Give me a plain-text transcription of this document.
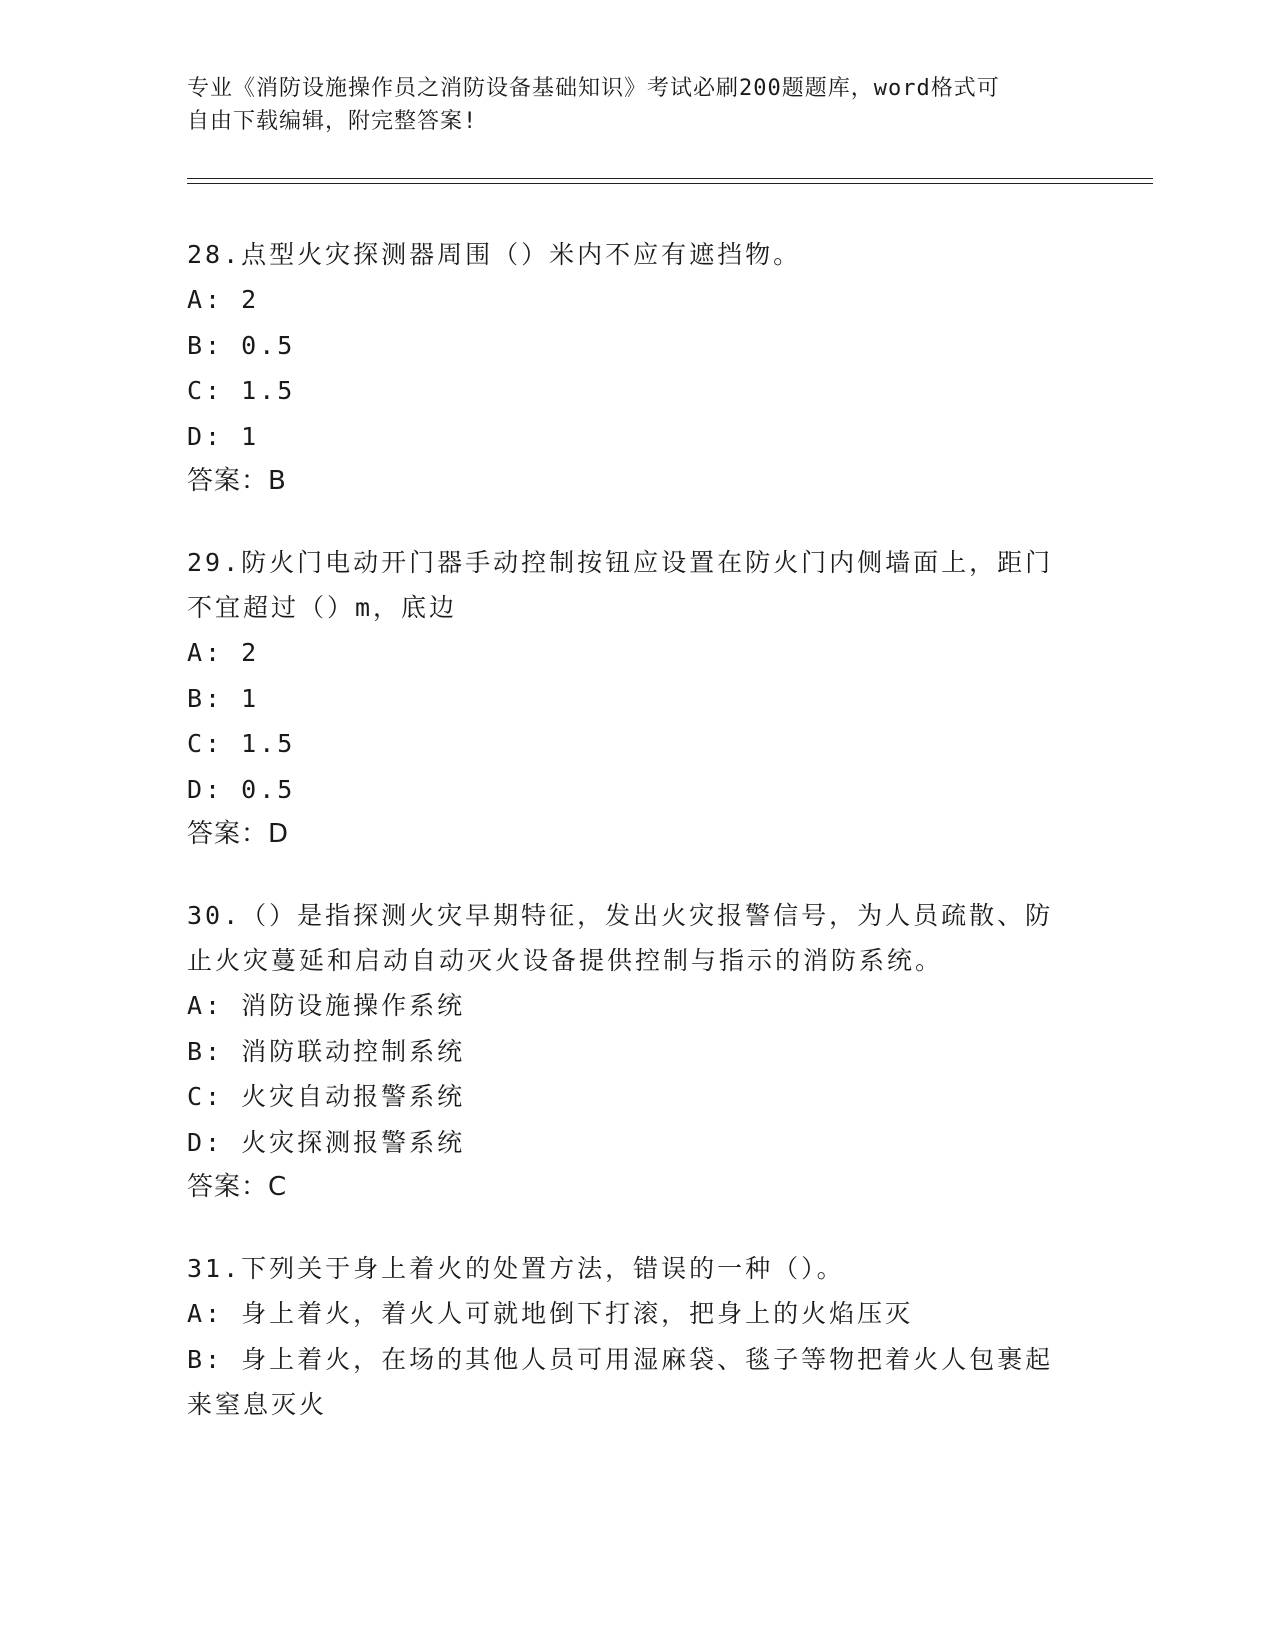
专业《消防设施操作员之消防设备基础知识》考试必刷200题题库，word格式可
自由下载编辑，附完整答案!

28.点型火灾探测器周围（）米内不应有遮挡物。

A: 2

B: 0.5

C: 1.5

D: 1

答案：B

29.防火门电动开门器手动控制按钮应设置在防火门内侧墙面上，距门

不宜超过（）m，底边

A: 2

B: 1

C: 1.5

D: 0.5

答案：D

30.（）是指探测火灾早期特征，发出火灾报警信号，为人员疏散、防

止火灾蔓延和启动自动灭火设备提供控制与指示的消防系统。

A: 消防设施操作系统

B: 消防联动控制系统

C: 火灾自动报警系统

D: 火灾探测报警系统

答案：C

31.下列关于身上着火的处置方法，错误的一种（）。

A: 身上着火，着火人可就地倒下打滚，把身上的火焰压灭

B: 身上着火，在场的其他人员可用湿麻袋、毯子等物把着火人包裹起

来窒息灭火
